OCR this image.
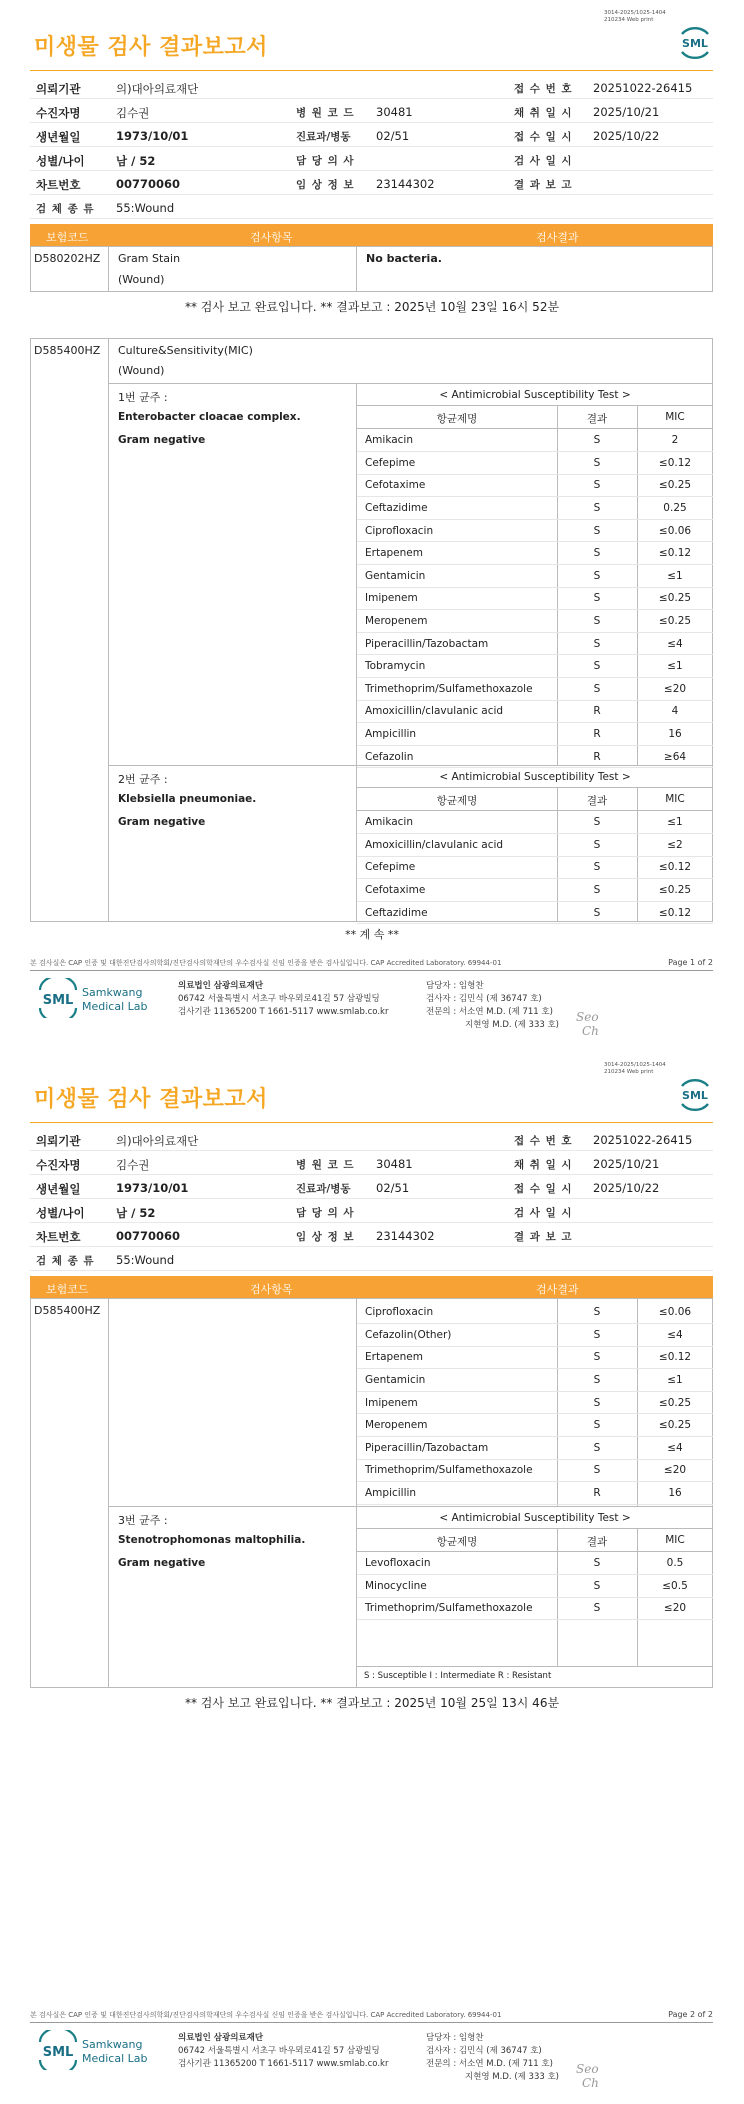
3014-2025/1025-1404
210234 Web print
SML
미생물 검사 결과보고서
의뢰기관	의)대아의료재단	접 수 번 호 20251022-26415
수진자명	김수권	병 원 코 드 30481	채 취 일 시 2025/10/21
생년월일	1973/10/01	진료과/병동 02/51	접 수 일 시 2025/10/22
성별/나이	남 / 52	담 당 의 사	검 사 일 시
차트번호	00770060	임 상 정 보 23144302	결 과 보 고
검 체 종 류 55:Wound
보험코드	검사항목	검사결과
D580202HZ Gram Stain
(Wound)
No bacteria.
** 검사 보고 완료입니다. ** 결과보고 : 2025년 10월 23일 16시 52분
D585400HZ Culture&Sensitivity(MIC)
(Wound)
1번 균주 :
Enterobacter cloacae complex.
Gram negative
< Antimicrobial Susceptibility Test >
항균제명	결과	MIC
Amikacin	S	2
Cefepime	S	≤0.12
Cefotaxime	S	≤0.25
Ceftazidime	S	0.25
Ciprofloxacin	S	≤0.06
Ertapenem	S	≤0.12
Gentamicin	S	≤1
Imipenem	S	≤0.25
Meropenem	S	≤0.25
Piperacillin/Tazobactam	S	≤4
Tobramycin	S	≤1
Trimethoprim/Sulfamethoxazole	S	≤20
Amoxicillin/clavulanic acid	R	4
Ampicillin	R	16
Cefazolin	R	≥64
2번 균주 :
Klebsiella pneumoniae.
Gram negative
< Antimicrobial Susceptibility Test >
항균제명	결과	MIC
Amikacin	S	≤1
Amoxicillin/clavulanic acid	S	≤2
Cefepime	S	≤0.12
Cefotaxime	S	≤0.25
Ceftazidime	S	≤0.12
** 계 속 **
본 검사실은 CAP 인증 및 대한진단검사의학회/진단검사의학재단의 우수검사실 신임 인증을 받은 검사실입니다. CAP Accredited Laboratory. 69944-01	Page 1 of 2
SML
Samkwang
Medical Lab
의료법인 삼광의료재단
06742 서울특별시 서초구 바우뫼로41길 57 삼광빌딩
검사기관 11365200 T 1661-5117 www.smlab.co.kr
담당자 : 임형찬
검사자 : 김민식 (제 36747 호)
전문의 : 서소연 M.D. (제 711 호)
지현영 M.D. (제 333 호)
Seo
Ch
3014-2025/1025-1404
210234 Web print
SML
미생물 검사 결과보고서
의뢰기관	의)대아의료재단	접 수 번 호 20251022-26415
수진자명	김수권	병 원 코 드 30481	채 취 일 시 2025/10/21
생년월일	1973/10/01	진료과/병동 02/51	접 수 일 시 2025/10/22
성별/나이	남 / 52	담 당 의 사	검 사 일 시
차트번호	00770060	임 상 정 보 23144302	결 과 보 고
검 체 종 류 55:Wound
보험코드	검사항목	검사결과
D585400HZ	Ciprofloxacin	S	≤0.06
Cefazolin(Other)	S	≤4
Ertapenem	S	≤0.12
Gentamicin	S	≤1
Imipenem	S	≤0.25
Meropenem	S	≤0.25
Piperacillin/Tazobactam	S	≤4
Trimethoprim/Sulfamethoxazole	S	≤20
Ampicillin	R	16
3번 균주 :
Stenotrophomonas maltophilia.
Gram negative
< Antimicrobial Susceptibility Test >
항균제명	결과	MIC
Levofloxacin	S	0.5
Minocycline	S	≤0.5
Trimethoprim/Sulfamethoxazole	S	≤20
S : Susceptible I : Intermediate R : Resistant
** 검사 보고 완료입니다. ** 결과보고 : 2025년 10월 25일 13시 46분
본 검사실은 CAP 인증 및 대한진단검사의학회/진단검사의학재단의 우수검사실 신임 인증을 받은 검사실입니다. CAP Accredited Laboratory. 69944-01	Page 2 of 2
SML
Samkwang
Medical Lab
의료법인 삼광의료재단
06742 서울특별시 서초구 바우뫼로41길 57 삼광빌딩
검사기관 11365200 T 1661-5117 www.smlab.co.kr
담당자 : 임형찬
검사자 : 김민식 (제 36747 호)
전문의 : 서소연 M.D. (제 711 호)
지현영 M.D. (제 333 호)
Seo
Ch
